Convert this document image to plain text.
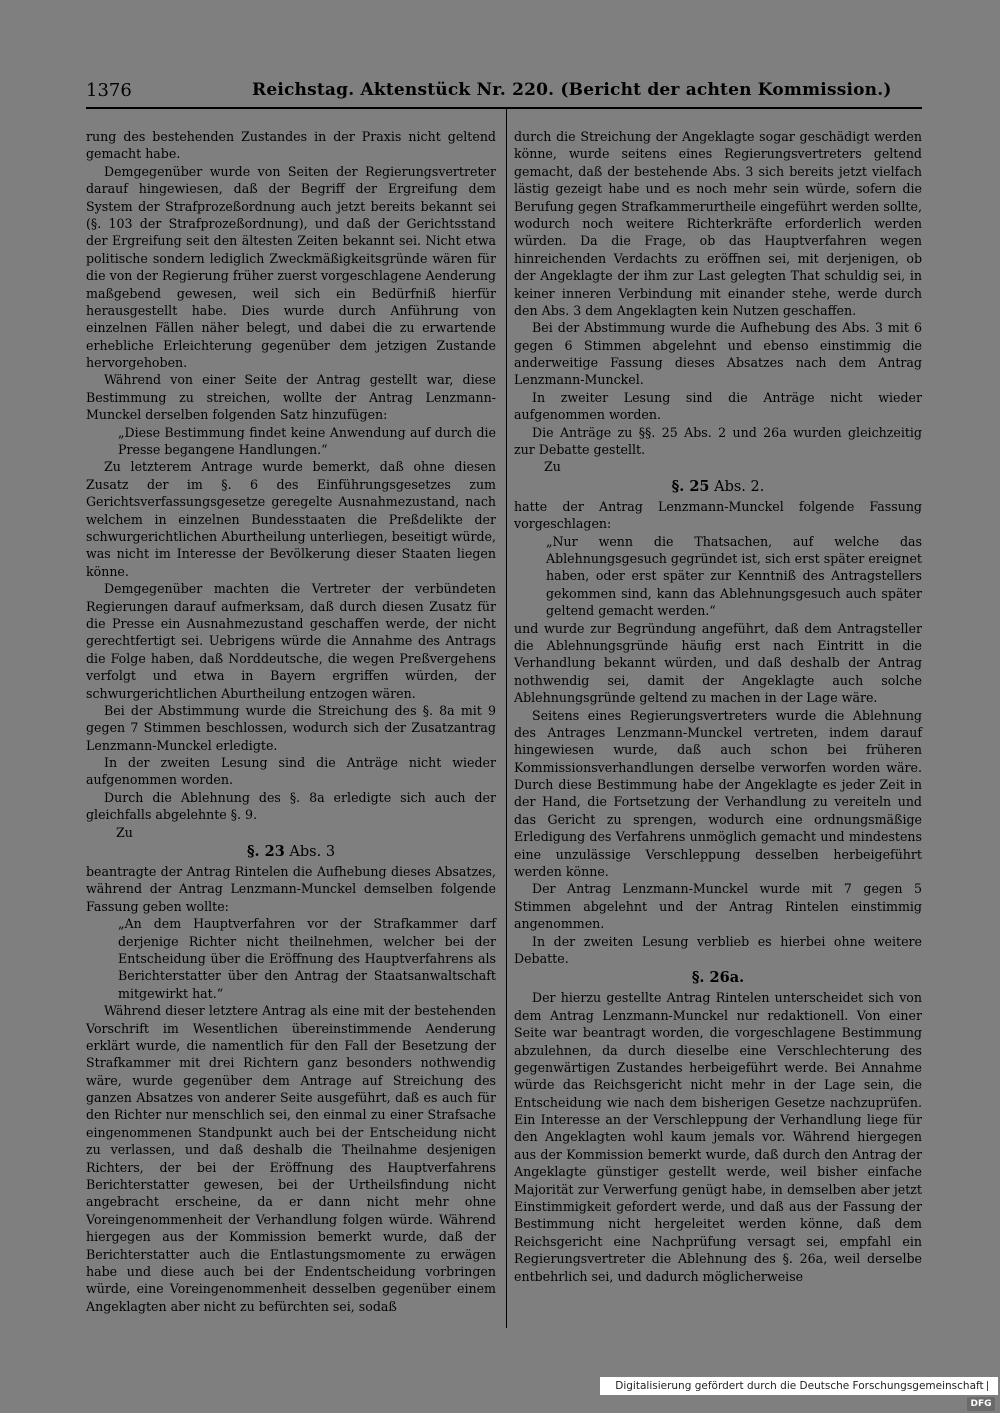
1376	Reichstag. Aktenstück Nr. 220. (Bericht der achten Kommission.)

rung des bestehenden Zustandes in der Praxis nicht geltend gemacht habe.

Demgegenüber wurde von Seiten der Regierungsvertreter darauf hingewiesen, daß der Begriff der Ergreifung dem System der Strafprozeßordnung auch jetzt bereits bekannt sei (§. 103 der Strafprozeßordnung), und daß der Gerichtsstand der Ergreifung seit den ältesten Zeiten bekannt sei. Nicht etwa politische sondern lediglich Zweckmäßigkeitsgründe wären für die von der Regierung früher zuerst vorgeschlagene Aenderung maßgebend gewesen, weil sich ein Bedürfniß hierfür herausgestellt habe. Dies wurde durch Anführung von einzelnen Fällen näher belegt, und dabei die zu erwartende erhebliche Erleichterung gegenüber dem jetzigen Zustande hervorgehoben.

Während von einer Seite der Antrag gestellt war, diese Bestimmung zu streichen, wollte der Antrag Lenzmann-Munckel derselben folgenden Satz hinzufügen:

„Diese Bestimmung findet keine Anwendung auf durch die Presse begangene Handlungen.“

Zu letzterem Antrage wurde bemerkt, daß ohne diesen Zusatz der im §. 6 des Einführungsgesetzes zum Gerichtsverfassungsgesetze geregelte Ausnahmezustand, nach welchem in einzelnen Bundesstaaten die Preßdelikte der schwurgerichtlichen Aburtheilung unterliegen, beseitigt würde, was nicht im Interesse der Bevölkerung dieser Staaten liegen könne.

Demgegenüber machten die Vertreter der verbündeten Regierungen darauf aufmerksam, daß durch diesen Zusatz für die Presse ein Ausnahmezustand geschaffen werde, der nicht gerechtfertigt sei. Uebrigens würde die Annahme des Antrags die Folge haben, daß Norddeutsche, die wegen Preßvergehens verfolgt und etwa in Bayern ergriffen würden, der schwurgerichtlichen Aburtheilung entzogen wären.

Bei der Abstimmung wurde die Streichung des §. 8a mit 9 gegen 7 Stimmen beschlossen, wodurch sich der Zusatzantrag Lenzmann-Munckel erledigte.

In der zweiten Lesung sind die Anträge nicht wieder aufgenommen worden.

Durch die Ablehnung des §. 8a erledigte sich auch der gleichfalls abgelehnte §. 9.

Zu

§. 23 Abs. 3

beantragte der Antrag Rintelen die Aufhebung dieses Absatzes, während der Antrag Lenzmann-Munckel demselben folgende Fassung geben wollte:

„An dem Hauptverfahren vor der Strafkammer darf derjenige Richter nicht theilnehmen, welcher bei der Entscheidung über die Eröffnung des Hauptverfahrens als Berichterstatter über den Antrag der Staatsanwaltschaft mitgewirkt hat.“

Während dieser letztere Antrag als eine mit der bestehenden Vorschrift im Wesentlichen übereinstimmende Aenderung erklärt wurde, die namentlich für den Fall der Besetzung der Strafkammer mit drei Richtern ganz besonders nothwendig wäre, wurde gegenüber dem Antrage auf Streichung des ganzen Absatzes von anderer Seite ausgeführt, daß es auch für den Richter nur menschlich sei, den einmal zu einer Strafsache eingenommenen Standpunkt auch bei der Entscheidung nicht zu verlassen, und daß deshalb die Theilnahme desjenigen Richters, der bei der Eröffnung des Hauptverfahrens Berichterstatter gewesen, bei der Urtheilsfindung nicht angebracht erscheine, da er dann nicht mehr ohne Voreingenommenheit der Verhandlung folgen würde. Während hiergegen aus der Kommission bemerkt wurde, daß der Berichterstatter auch die Entlastungsmomente zu erwägen habe und diese auch bei der Endentscheidung vorbringen würde, eine Voreingenommenheit desselben gegenüber einem Angeklagten aber nicht zu befürchten sei, sodaß

durch die Streichung der Angeklagte sogar geschädigt werden könne, wurde seitens eines Regierungsvertreters geltend gemacht, daß der bestehende Abs. 3 sich bereits jetzt vielfach lästig gezeigt habe und es noch mehr sein würde, sofern die Berufung gegen Strafkammerurtheile eingeführt werden sollte, wodurch noch weitere Richterkräfte erforderlich werden würden. Da die Frage, ob das Hauptverfahren wegen hinreichenden Verdachts zu eröffnen sei, mit derjenigen, ob der Angeklagte der ihm zur Last gelegten That schuldig sei, in keiner inneren Verbindung mit einander stehe, werde durch den Abs. 3 dem Angeklagten kein Nutzen geschaffen.

Bei der Abstimmung wurde die Aufhebung des Abs. 3 mit 6 gegen 6 Stimmen abgelehnt und ebenso einstimmig die anderweitige Fassung dieses Absatzes nach dem Antrag Lenzmann-Munckel.

In zweiter Lesung sind die Anträge nicht wieder aufgenommen worden.

Die Anträge zu §§. 25 Abs. 2 und 26a wurden gleichzeitig zur Debatte gestellt.

Zu

§. 25 Abs. 2.

hatte der Antrag Lenzmann-Munckel folgende Fassung vorgeschlagen:

„Nur wenn die Thatsachen, auf welche das Ablehnungsgesuch gegründet ist, sich erst später ereignet haben, oder erst später zur Kenntniß des Antragstellers gekommen sind, kann das Ablehnungsgesuch auch später geltend gemacht werden.“

und wurde zur Begründung angeführt, daß dem Antragsteller die Ablehnungsgründe häufig erst nach Eintritt in die Verhandlung bekannt würden, und daß deshalb der Antrag nothwendig sei, damit der Angeklagte auch solche Ablehnungsgründe geltend zu machen in der Lage wäre.

Seitens eines Regierungsvertreters wurde die Ablehnung des Antrages Lenzmann-Munckel vertreten, indem darauf hingewiesen wurde, daß auch schon bei früheren Kommissionsverhandlungen derselbe verworfen worden wäre. Durch diese Bestimmung habe der Angeklagte es jeder Zeit in der Hand, die Fortsetzung der Verhandlung zu vereiteln und das Gericht zu sprengen, wodurch eine ordnungsmäßige Erledigung des Verfahrens unmöglich gemacht und mindestens eine unzulässige Verschleppung desselben herbeigeführt werden könne.

Der Antrag Lenzmann-Munckel wurde mit 7 gegen 5 Stimmen abgelehnt und der Antrag Rintelen einstimmig angenommen.

In der zweiten Lesung verblieb es hierbei ohne weitere Debatte.

§. 26a.

Der hierzu gestellte Antrag Rintelen unterscheidet sich von dem Antrag Lenzmann-Munckel nur redaktionell. Von einer Seite war beantragt worden, die vorgeschlagene Bestimmung abzulehnen, da durch dieselbe eine Verschlechterung des gegenwärtigen Zustandes herbeigeführt werde. Bei Annahme würde das Reichsgericht nicht mehr in der Lage sein, die Entscheidung wie nach dem bisherigen Gesetze nachzuprüfen. Ein Interesse an der Verschleppung der Verhandlung liege für den Angeklagten wohl kaum jemals vor. Während hiergegen aus der Kommission bemerkt wurde, daß durch den Antrag der Angeklagte günstiger gestellt werde, weil bisher einfache Majorität zur Verwerfung genügt habe, in demselben aber jetzt Einstimmigkeit gefordert werde, und daß aus der Fassung der Bestimmung nicht hergeleitet werden könne, daß dem Reichsgericht eine Nachprüfung versagt sei, empfahl ein Regierungsvertreter die Ablehnung des §. 26a, weil derselbe entbehrlich sei, und dadurch möglicherweise

Digitalisierung gefördert durch die Deutsche Forschungsgemeinschaft  DFG
